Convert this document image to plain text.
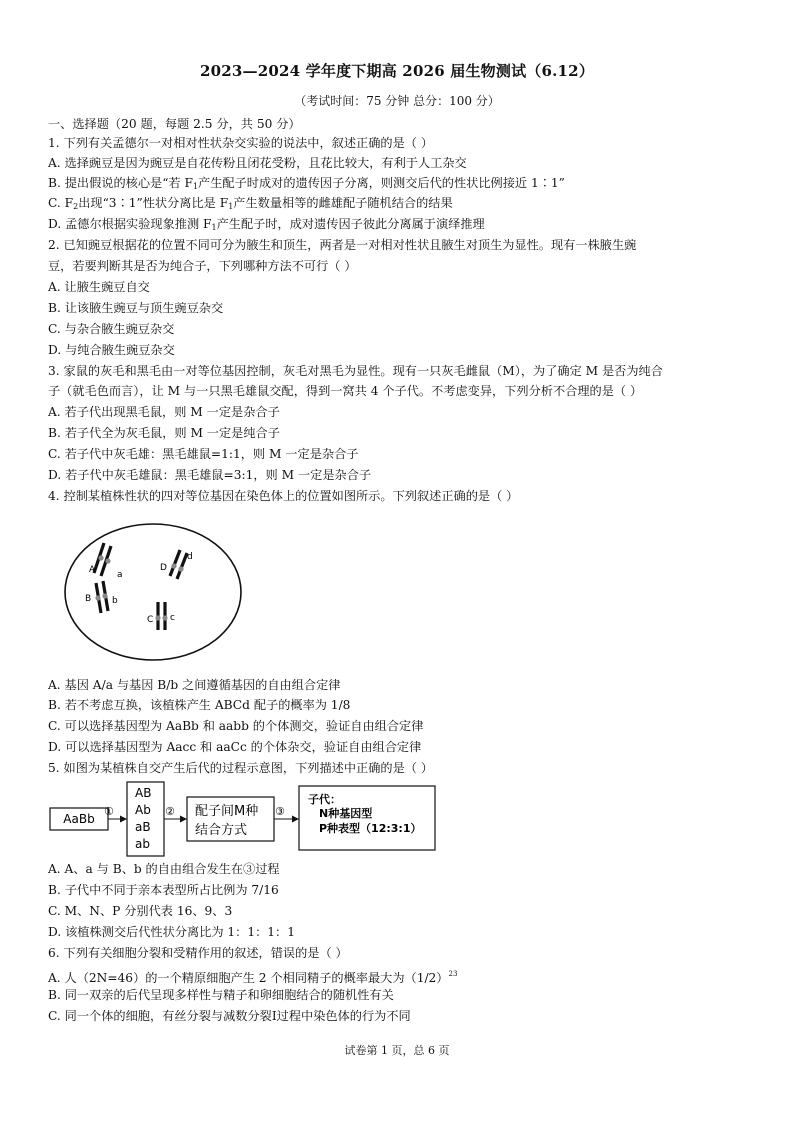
2023—2024 学年度下期高 2026 届生物测试（6.12）
（考试时间：75 分钟 总分：100 分）
一、选择题（20 题，每题 2.5 分，共 50 分）
1. 下列有关孟德尔一对相对性状杂交实验的说法中，叙述正确的是（ ）
A. 选择豌豆是因为豌豆是自花传粉且闭花受粉，且花比较大，有利于人工杂交
B. 提出假说的核心是“若 $F_1$产生配子时成对的遗传因子分离，则测交后代的性状比例接近 1∶1”
C. $F_2$出现“3∶1”性状分离比是 $F_1$产生数量相等的雌雄配子随机结合的结果
D. 孟德尔根据实验现象推测 $F_1$产生配子时，成对遗传因子彼此分离属于演绎推理
2. 已知豌豆根据花的位置不同可分为腋生和顶生，两者是一对相对性状且腋生对顶生为显性。现有一株腋生豌
豆，若要判断其是否为纯合子，下列哪种方法不可行（ ）
A. 让腋生豌豆自交
B. 让该腋生豌豆与顶生豌豆杂交
C. 与杂合腋生豌豆杂交
D. 与纯合腋生豌豆杂交
3. 家鼠的灰毛和黑毛由一对等位基因控制，灰毛对黑毛为显性。现有一只灰毛雌鼠（M），为了确定 M 是否为纯合
子（就毛色而言），让 M 与一只黑毛雄鼠交配，得到一窝共 4 个子代。不考虑变异，下列分析不合理的是（ ）
A. 若子代出现黑毛鼠，则 M 一定是杂合子
B. 若子代全为灰毛鼠，则 M 一定是纯合子
C. 若子代中灰毛雄：黑毛雄鼠=1:1，则 M 一定是杂合子
D. 若子代中灰毛雄鼠：黑毛雄鼠=3:1，则 M 一定是杂合子
4. 控制某植株性状的四对等位基因在染色体上的位置如图所示。下列叙述正确的是（ ）
A a
B b
D
d
C c
A. 基因 A/a 与基因 B/b 之间遵循基因的自由组合定律
B. 若不考虑互换，该植株产生 ABCd 配子的概率为 1/8
C. 可以选择基因型为 AaBb 和 aabb 的个体测交，验证自由组合定律
D. 可以选择基因型为 Aacc 和 aaCc 的个体杂交，验证自由组合定律
5. 如图为某植株自交产生后代的过程示意图，下列描述中正确的是（ ）
AaBb
①
AB
Ab
aB
ab
② 配子间M种
结合方式
③
子代：
N种基因型
P种表型（12:3:1）
A. A、a 与 B、b 的自由组合发生在③过程
B. 子代中不同于亲本表型所占比例为 7/16
C. M、N、P 分别代表 16、9、3
D. 该植株测交后代性状分离比为 1：1：1：1
6. 下列有关细胞分裂和受精作用的叙述，错误的是（ ）
A. 人（2N=46）的一个精原细胞产生 2 个相同精子的概率最大为$(1/2)^{23}$
B. 同一双亲的后代呈现多样性与精子和卵细胞结合的随机性有关
C. 同一个体的细胞，有丝分裂与减数分裂Ⅰ过程中染色体的行为不同
试卷第 1 页，总 6 页
